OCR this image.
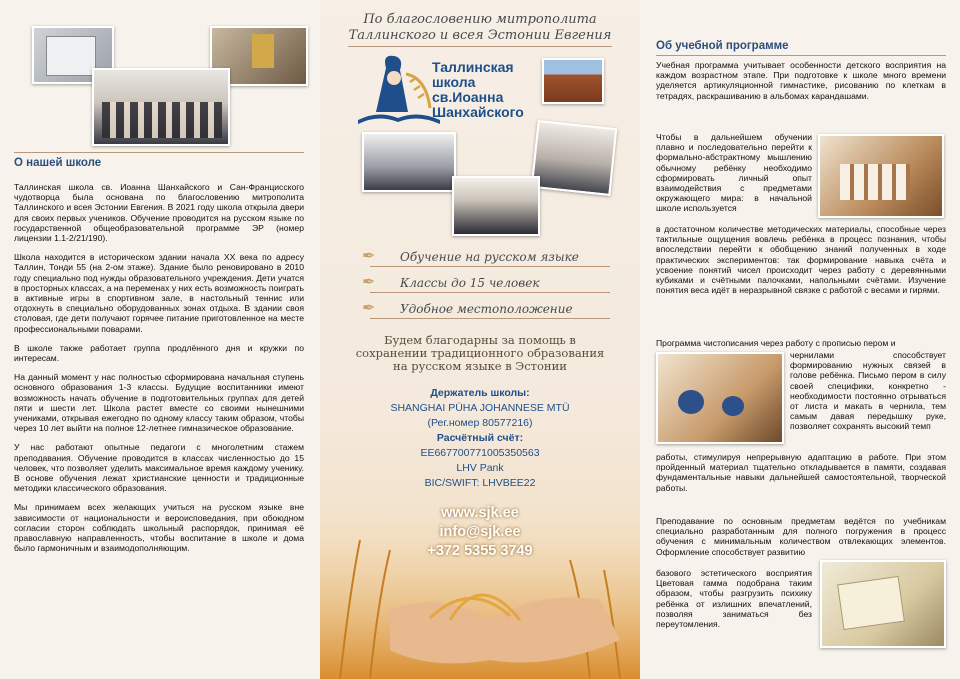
О нашей школе

Таллинская школа св. Иоанна Шанхайского и Сан-Францисского чудотворца была основана по благословению митрополита Таллинского и всея Эстонии Евгения. В 2021 году школа открыла двери для своих первых учеников. Обучение проводится на русском языке по государственной общеобразовательной программе ЭР (номер лицензии 1.1-2/21/190).

Школа находится в историческом здании начала XX века по адресу Таллин, Тонди 55 (на 2-ом этаже). Здание было реновировано в 2010 году специально под нужды образовательного учреждения. Дети учатся в просторных классах, а на переменах у них есть возможность поиграть в активные игры в спортивном зале, в настольный теннис или отдохнуть в специально оборудованных зонах отдыха. В здании своя столовая, где дети получают горячее питание приготовленное на месте профессиональными поварами.

В школе также работает группа продлённого дня и кружки по интересам.

На данный момент у нас полностью сформирована начальная ступень основного образования 1-3 классы. Будущие воспитанники имеют возможность начать обучение в подготовительных группах для детей пяти и шести лет. Школа растет вместе со своими нынешними учениками, открывая ежегодно по одному классу таким образом, чтобы через 10 лет выйти на полное 12-летнее гимназическое образование.

У нас работают опытные педагоги с многолетним стажем преподавания. Обучение проводится в классах численностью до 15 человек, что позволяет уделить максимальное время каждому ученику. В основе обучения лежат христианские ценности и традиционные методики классического образования.

Мы принимаем всех желающих учиться на русском языке вне зависимости от национальности и вероисповедания, при обоюдном согласии сторон соблюдать школьный распорядок, принимая её православную направленность, чтобы воспитание в школе и дома было гармоничным и взаимодополняющим.

По благословению митрополита
Таллинского и всея Эстонии Евгения
Таллинская
школа
св.Иоанна
Шанхайского
✒ Обучение на русском языке
✒ Классы до 15 человек
✒ Удобное местоположение
Будем благодарны за помощь в сохранении традиционного образования на русском языке в Эстонии
Держатель школы:
SHANGHAI PÜHA JOHANNESE MTÜ
(Рег.номер 80577216)
Расчётный счёт:
EE667700771005350563
LHV Pank
BIC/SWIFT: LHVBEE22
www.sjk.ee
info@sjk.ee
+372 5355 3749
Об учебной программе
Учебная программа учитывает особенности детского восприятия на каждом возрастном этапе. При подготовке к школе много времени уделяется артикуляционной гимнастике, рисованию по клеткам в тетрадях, раскрашиванию в альбомах карандашами.
Чтобы в дальнейшем обучении плавно и последовательно перейти к формально-абстрактному мышлению обычному ребёнку необходимо сформировать личный опыт взаимодействия с предметами окружающего мира: в начальной школе используется
в достаточном количестве методических материалы, способные через тактильные ощущения вовлечь ребёнка в процесс познания, чтобы впоследствии перейти к обобщению знаний полученных в ходе практических экспериментов: так формирование навыка счёта и усвоение понятий чисел происходит через работу с деревянными кубиками и счётными палочками, напольными счётами. Изучение понятия веса идёт в неразрывной связке с работой с весами и гирями.
Программа чистописания через работу с прописью пером и
чернилами способствует формированию нужных связей в голове ребёнка. Письмо пером в силу своей специфики, конкретно - необходимости постоянно отрываться от листа и макать в чернила, тем самым давая передышку руке, позволяет сохранять высокий темп
работы, стимулируя непрерывную адаптацию в работе. При этом пройденный материал тщательно откладывается в памяти, создавая фундаментальные навыки дальнейшей самостоятельной, творческой работы.
Преподавание по основным предметам ведётся по учебникам специально разработанным для полного погружения в процесс обучения с минимальным количеством отвлекающих элементов. Оформление способствует развитию
базового эстетического восприятия Цветовая гамма подобрана таким образом, чтобы разгрузить психику ребёнка от излишних впечатлений, позволяя заниматься без переутомления.
